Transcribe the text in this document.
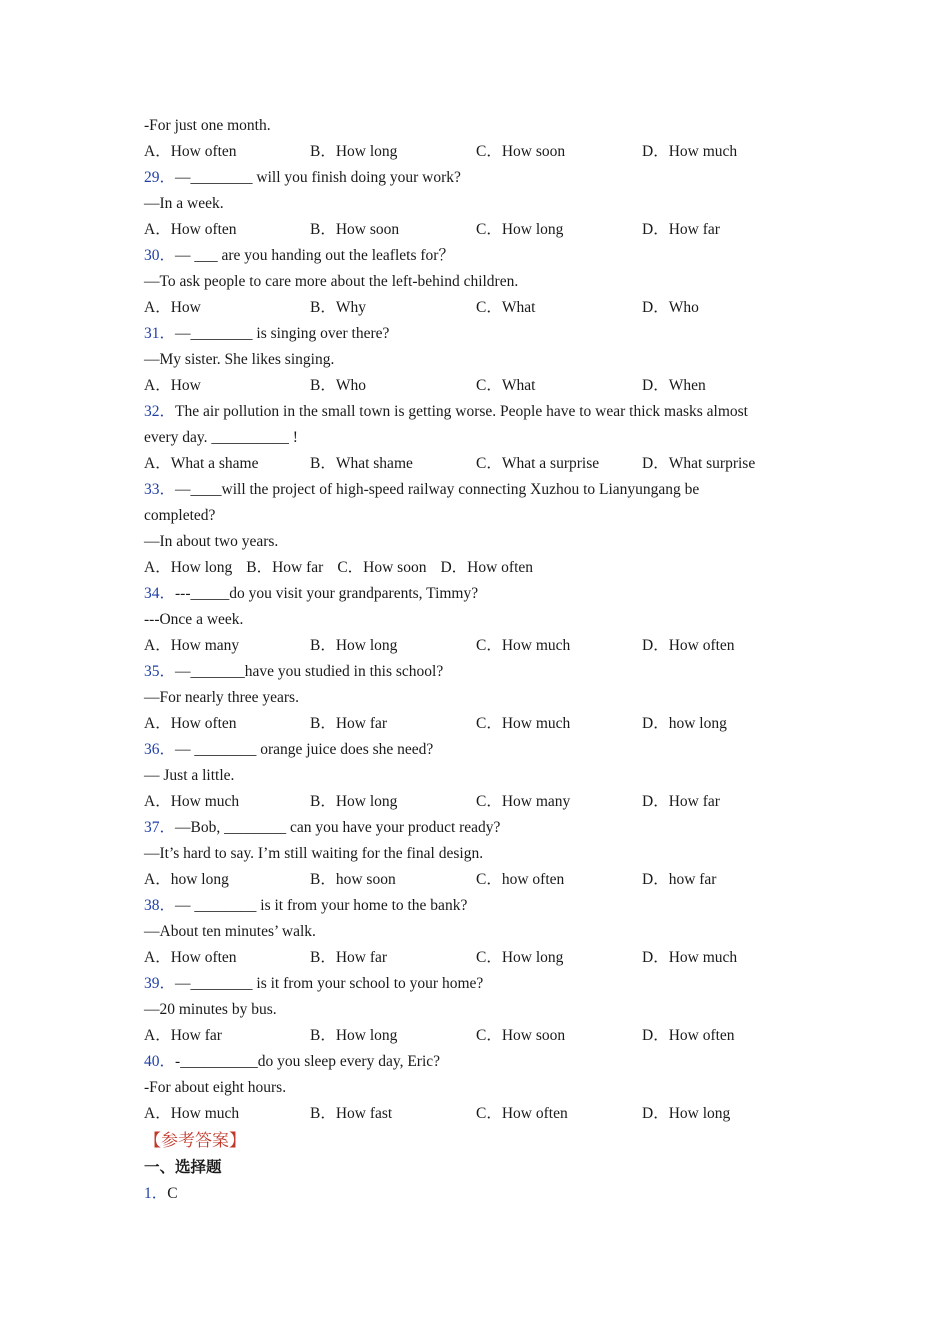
-For just one month.
A．How often	B．How long	C．How soon	D．How much
29．—________ will you finish doing your work?
—In a week.
A．How often	B．How soon	C．How long	D．How far
30．— ___ are you handing out the leaflets for？
—To ask people to care more about the left-behind children.
A．How	B．Why	C．What	D．Who
31．—________ is singing over there?
—My sister. She likes singing.
A．How	B．Who	C．What	D．When
32．The air pollution in the small town is getting worse. People have to wear thick masks almost
every day. __________ !
A．What a shame	B．What shame	C．What a surprise	D．What surprise
33．—____will the project of high-speed railway connecting Xuzhou to Lianyungang be
completed?
—In about two years.
A．How long B．How far C．How soon D．How often
34．---_____do you visit your grandparents, Timmy?
---Once a week.
A．How many	B．How long	C．How much	D．How often
35．—_______have you studied in this school?
—For nearly three years.
A．How often	B．How far	C．How much	D．how long
36．— ________ orange juice does she need?
— Just a little.
A．How much	B．How long	C．How many	D．How far
37．—Bob, ________ can you have your product ready?
—It’s hard to say. I’m still waiting for the final design.
A．how long	B．how soon	C．how often	D．how far
38．— ________ is it from your home to the bank?
—About ten minutes’ walk.
A．How often	B．How far	C．How long	D．How much
39．—________ is it from your school to your home?
—20 minutes by bus.
A．How far	B．How long	C．How soon	D．How often
40．-__________do you sleep every day, Eric?
-For about eight hours.
A．How much	B．How fast	C．How often	D．How long
【参考答案】
一、选择题
1．C
